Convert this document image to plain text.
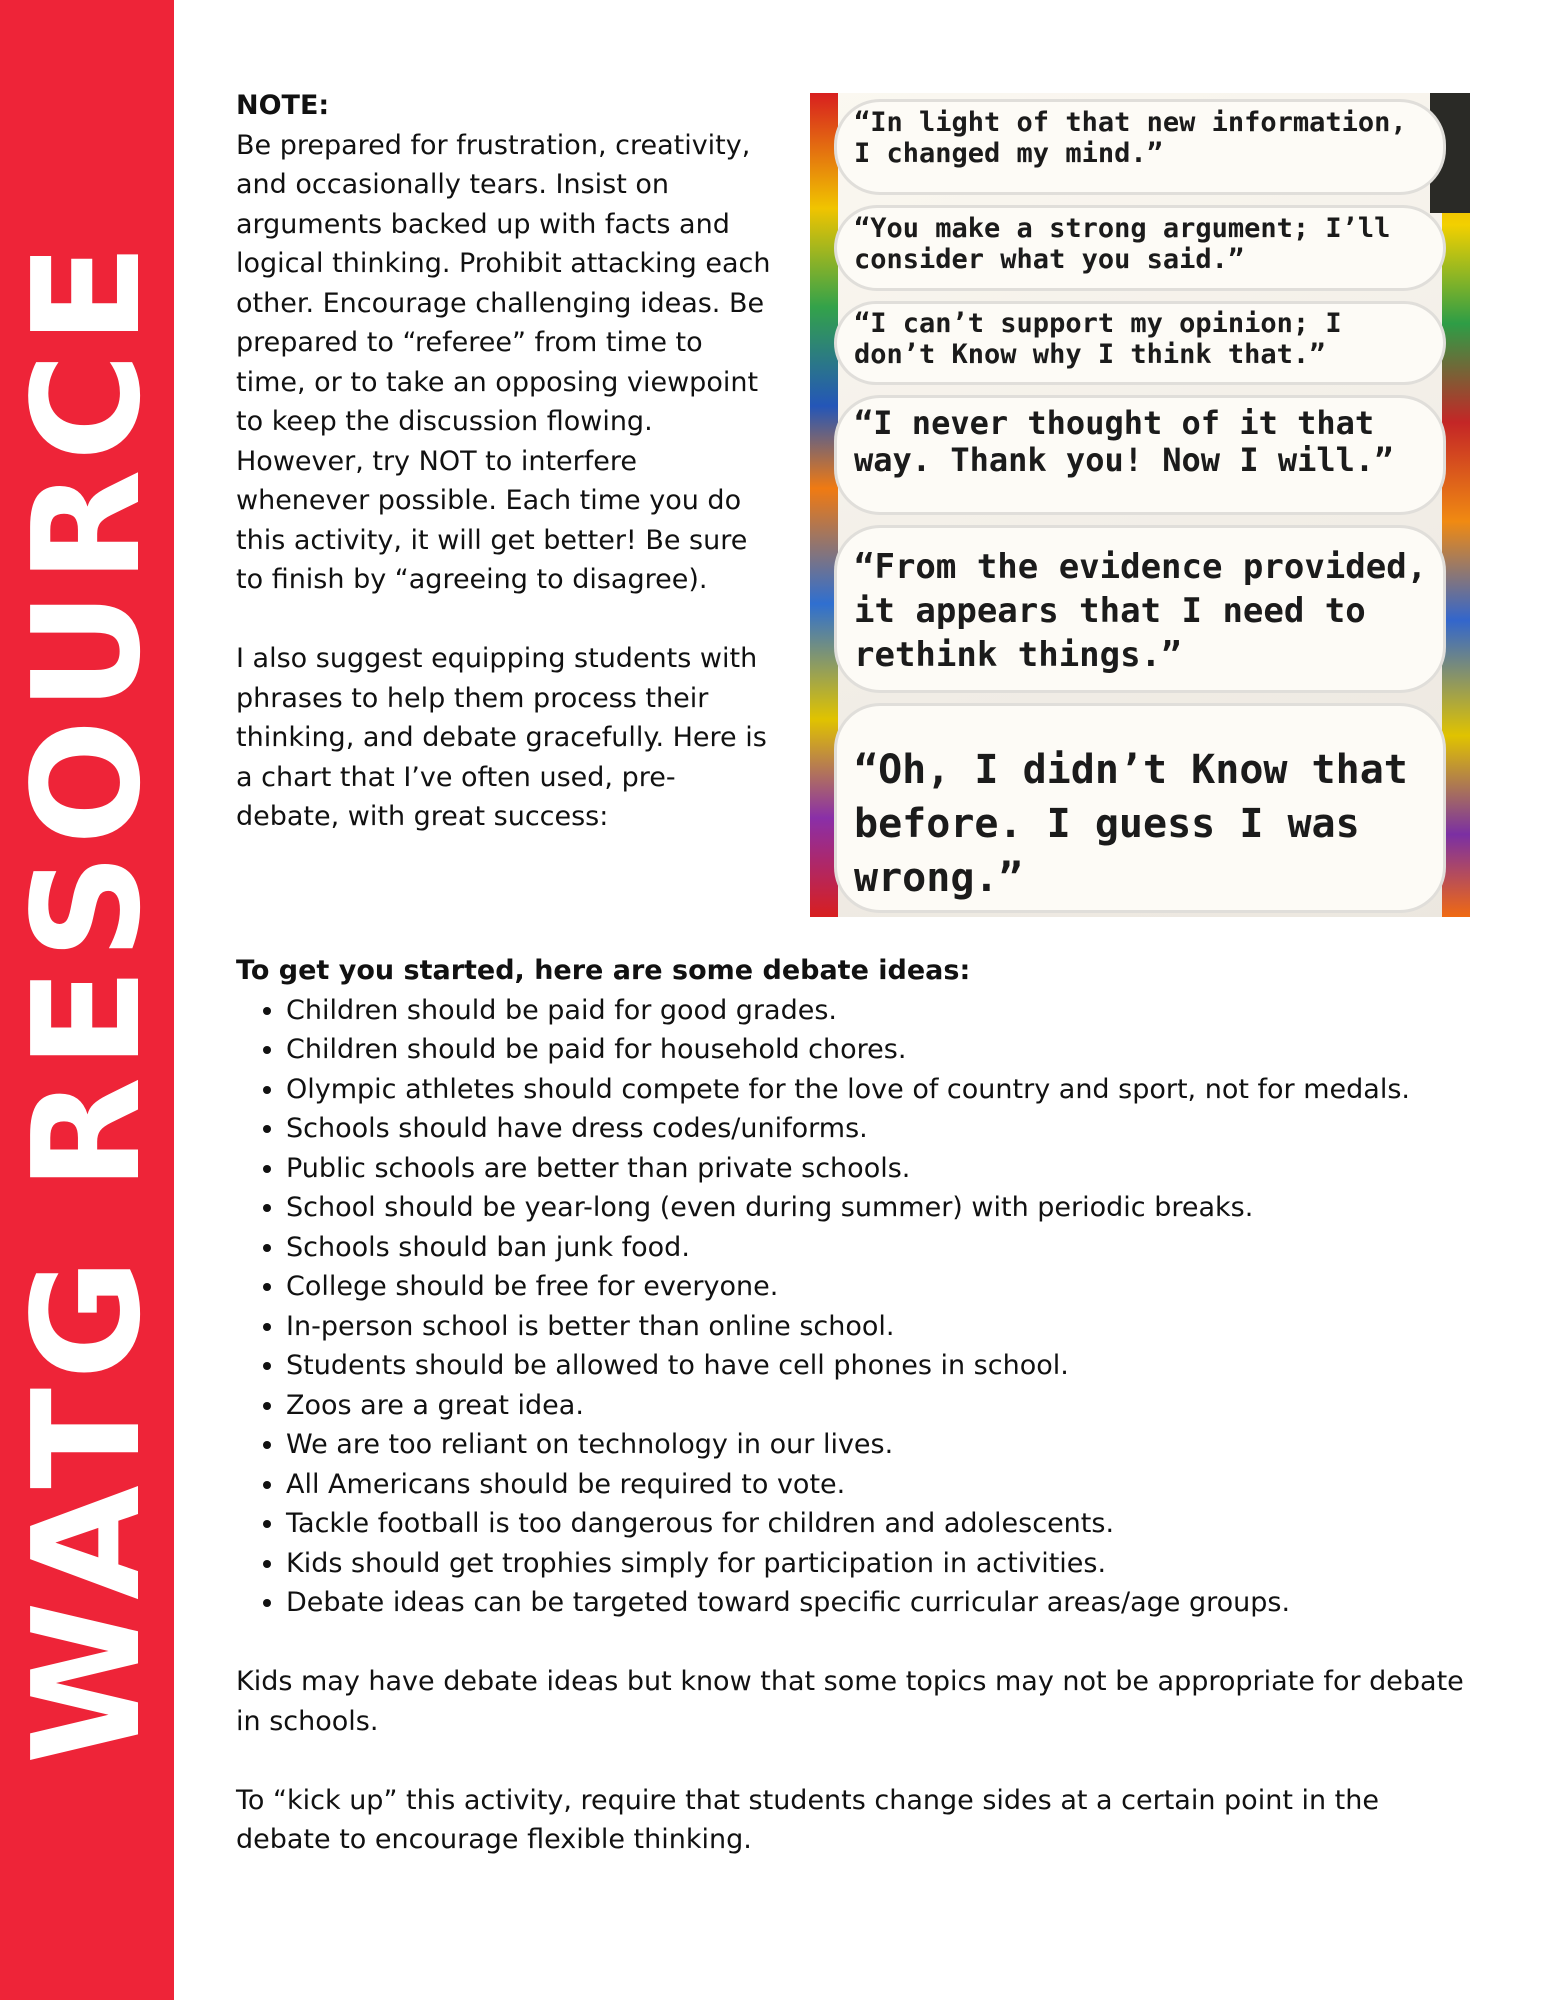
WATG RESOURCE

NOTE:

Be prepared for frustration, creativity, and occasionally tears. Insist on arguments backed up with facts and logical thinking. Prohibit attacking each other. Encourage challenging ideas. Be prepared to “referee” from time to time, or to take an opposing viewpoint to keep the discussion flowing. However, try NOT to interfere whenever possible. Each time you do this activity, it will get better! Be sure to finish by “agreeing to disagree).

I also suggest equipping students with phrases to help them process their thinking, and debate gracefully. Here is a chart that I’ve often used, pre-debate, with great success:

“In light of that new information, I changed my mind.”
“You make a strong argument; I’ll consider what you said.”
“I can’t support my opinion; I don’t Know why I think that.”
“I never thought of it that way. Thank you! Now I will.”
“From the evidence provided, it appears that I need to rethink things.”
“Oh, I didn’t Know that before. I guess I was wrong.”

To get you started, here are some debate ideas:

• Children should be paid for good grades.
• Children should be paid for household chores.
• Olympic athletes should compete for the love of country and sport, not for medals.
• Schools should have dress codes/uniforms.
• Public schools are better than private schools.
• School should be year-long (even during summer) with periodic breaks.
• Schools should ban junk food.
• College should be free for everyone.
• In-person school is better than online school.
• Students should be allowed to have cell phones in school.
• Zoos are a great idea.
• We are too reliant on technology in our lives.
• All Americans should be required to vote.
• Tackle football is too dangerous for children and adolescents.
• Kids should get trophies simply for participation in activities.
• Debate ideas can be targeted toward specific curricular areas/age groups.

Kids may have debate ideas but know that some topics may not be appropriate for debate in schools.

To “kick up” this activity, require that students change sides at a certain point in the debate to encourage flexible thinking.
